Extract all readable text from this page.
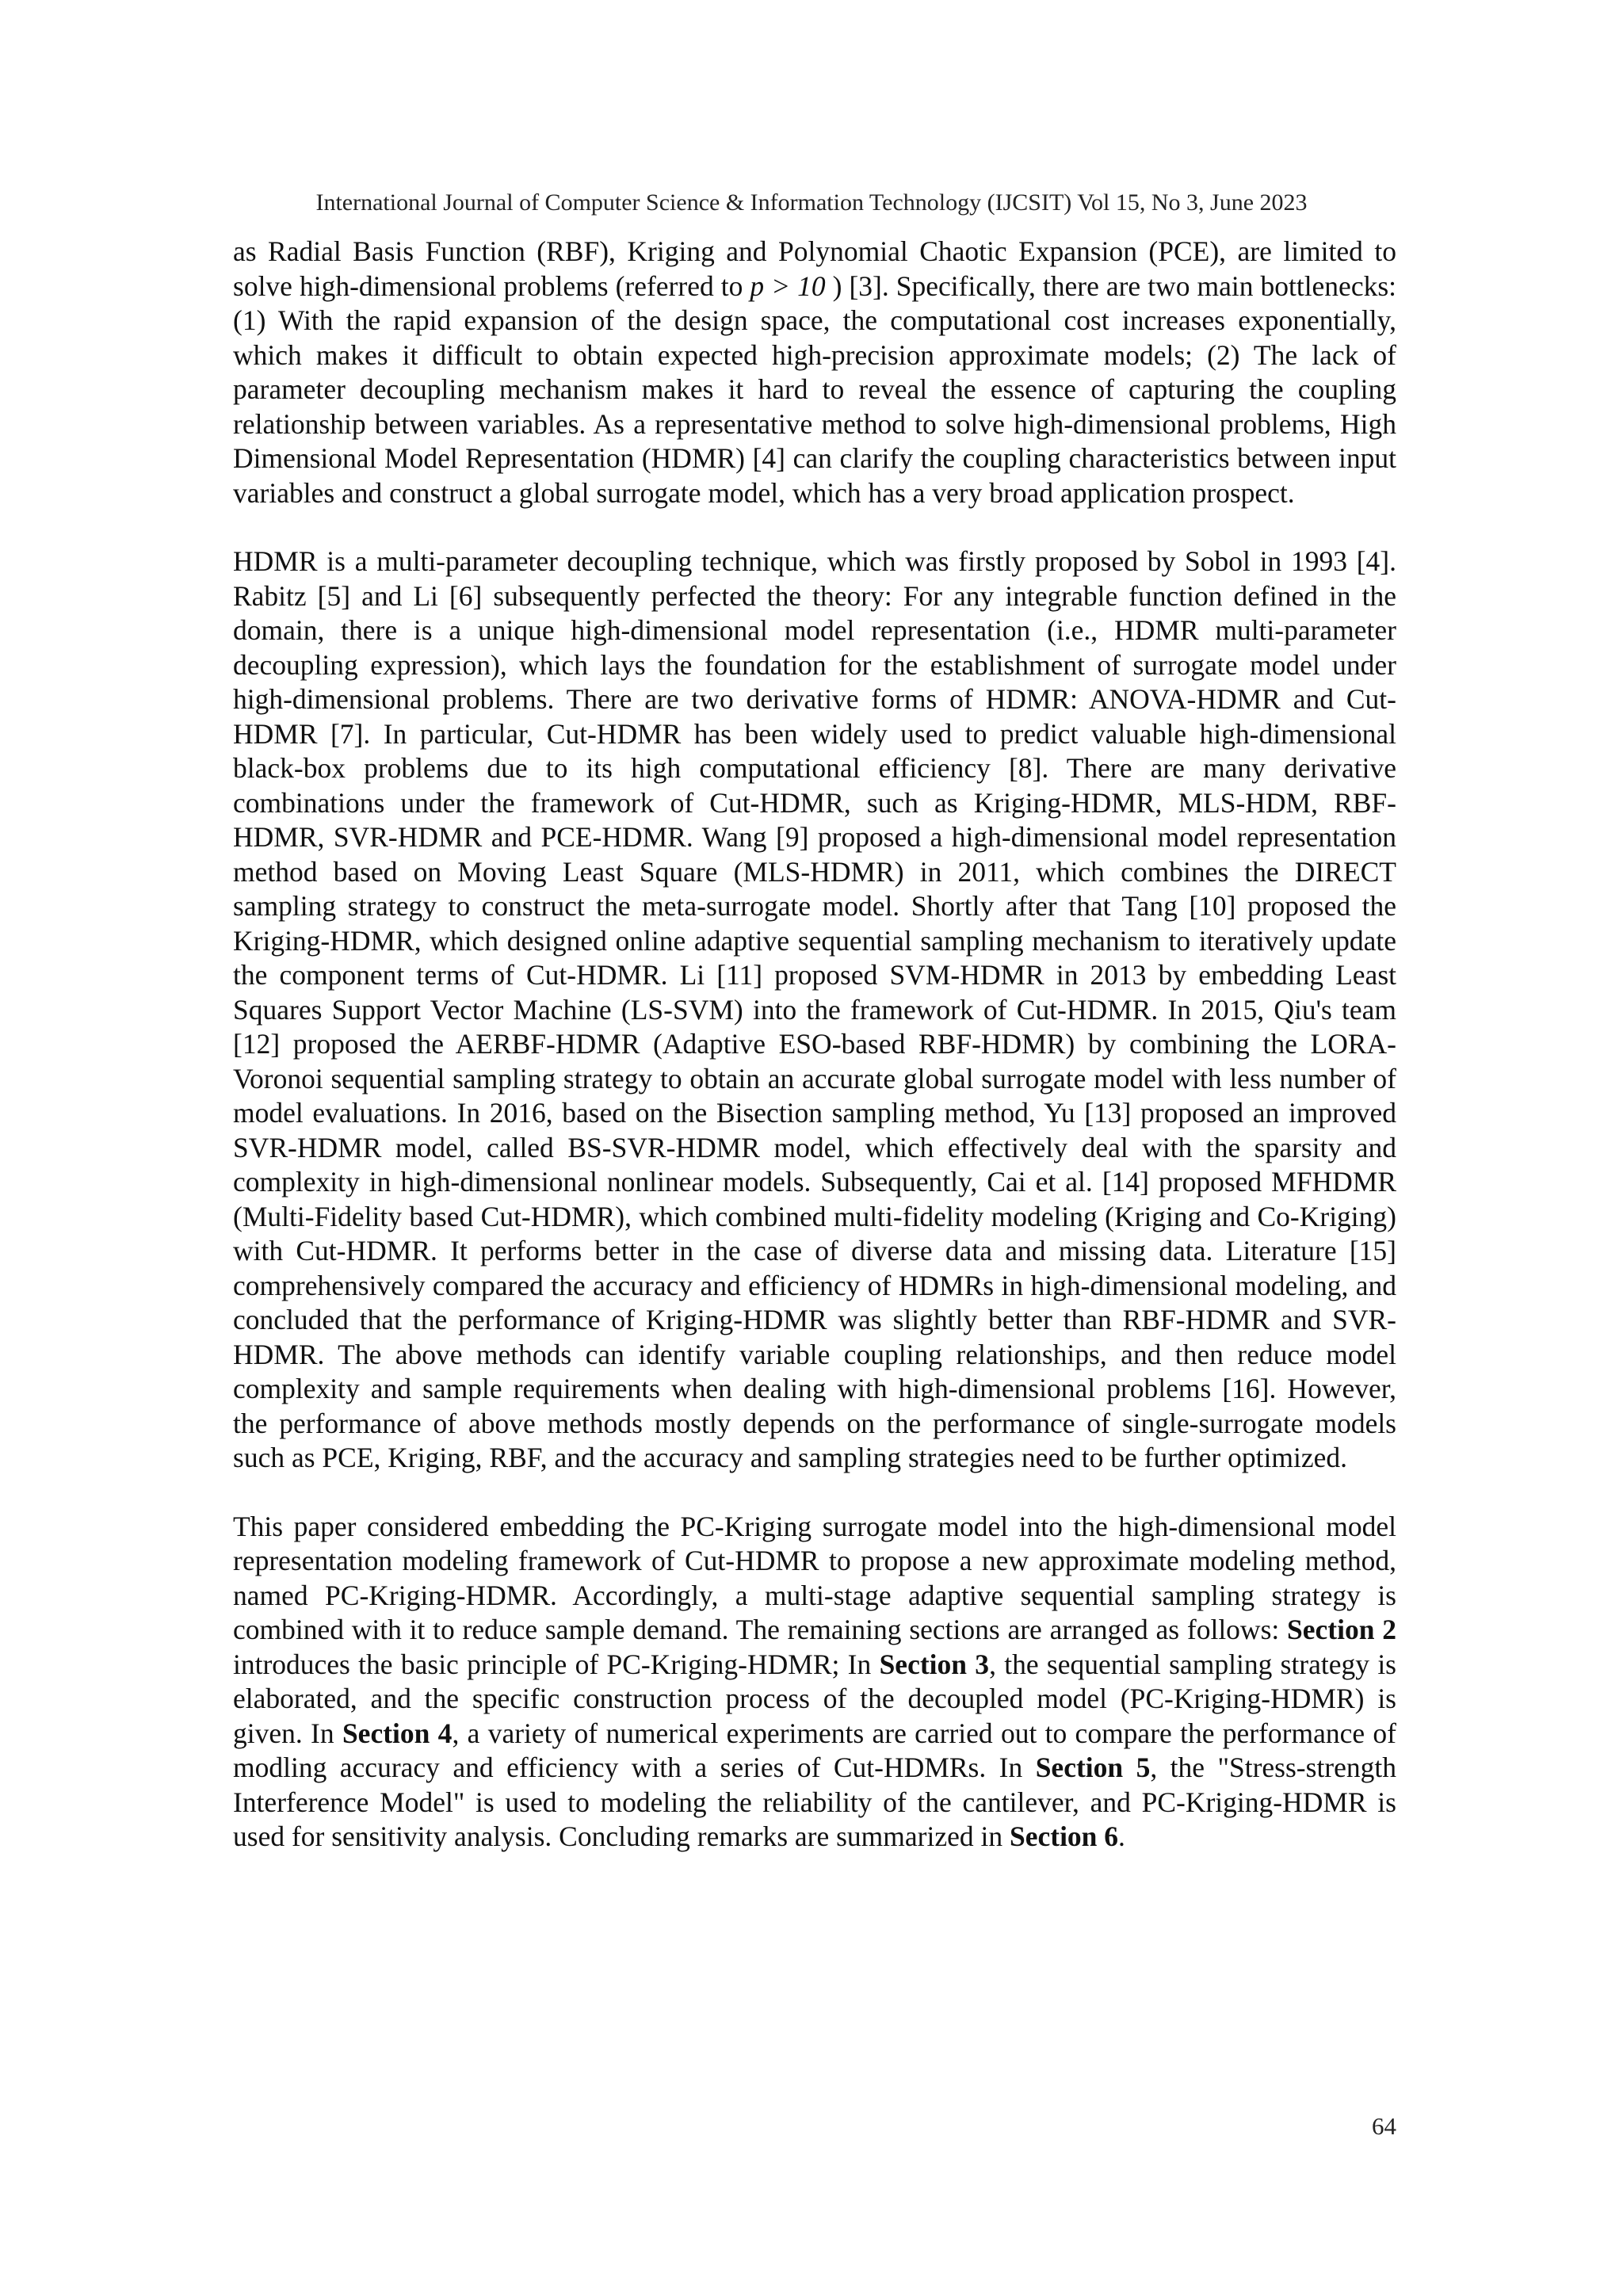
International Journal of Computer Science & Information Technology (IJCSIT) Vol 15, No 3, June 2023

as Radial Basis Function (RBF), Kriging and Polynomial Chaotic Expansion (PCE), are limited to solve high-dimensional problems (referred to p > 10 ) [3]. Specifically, there are two main bottlenecks: (1) With the rapid expansion of the design space, the computational cost increases exponentially, which makes it difficult to obtain expected high-precision approximate models; (2) The lack of parameter decoupling mechanism makes it hard to reveal the essence of capturing the coupling relationship between variables. As a representative method to solve high-dimensional problems, High Dimensional Model Representation (HDMR) [4] can clarify the coupling characteristics between input variables and construct a global surrogate model, which has a very broad application prospect.

HDMR is a multi-parameter decoupling technique, which was firstly proposed by Sobol in 1993 [4]. Rabitz [5] and Li [6] subsequently perfected the theory: For any integrable function defined in the domain, there is a unique high-dimensional model representation (i.e., HDMR multi-parameter decoupling expression), which lays the foundation for the establishment of surrogate model under high-dimensional problems. There are two derivative forms of HDMR: ANOVA-HDMR and Cut-HDMR [7]. In particular, Cut-HDMR has been widely used to predict valuable high-dimensional black-box problems due to its high computational efficiency [8]. There are many derivative combinations under the framework of Cut-HDMR, such as Kriging-HDMR, MLS-HDM, RBF-HDMR, SVR-HDMR and PCE-HDMR. Wang [9] proposed a high-dimensional model representation method based on Moving Least Square (MLS-HDMR) in 2011, which combines the DIRECT sampling strategy to construct the meta-surrogate model. Shortly after that Tang [10] proposed the Kriging-HDMR, which designed online adaptive sequential sampling mechanism to iteratively update the component terms of Cut-HDMR. Li [11] proposed SVM-HDMR in 2013 by embedding Least Squares Support Vector Machine (LS-SVM) into the framework of Cut-HDMR. In 2015, Qiu's team [12] proposed the AERBF-HDMR (Adaptive ESO-based RBF-HDMR) by combining the LORA-Voronoi sequential sampling strategy to obtain an accurate global surrogate model with less number of model evaluations. In 2016, based on the Bisection sampling method, Yu [13] proposed an improved SVR-HDMR model, called BS-SVR-HDMR model, which effectively deal with the sparsity and complexity in high-dimensional nonlinear models. Subsequently, Cai et al. [14] proposed MFHDMR (Multi-Fidelity based Cut-HDMR), which combined multi-fidelity modeling (Kriging and Co-Kriging) with Cut-HDMR. It performs better in the case of diverse data and missing data. Literature [15] comprehensively compared the accuracy and efficiency of HDMRs in high-dimensional modeling, and concluded that the performance of Kriging-HDMR was slightly better than RBF-HDMR and SVR-HDMR. The above methods can identify variable coupling relationships, and then reduce model complexity and sample requirements when dealing with high-dimensional problems [16]. However, the performance of above methods mostly depends on the performance of single-surrogate models such as PCE, Kriging, RBF, and the accuracy and sampling strategies need to be further optimized.

This paper considered embedding the PC-Kriging surrogate model into the high-dimensional model representation modeling framework of Cut-HDMR to propose a new approximate modeling method, named PC-Kriging-HDMR. Accordingly, a multi-stage adaptive sequential sampling strategy is combined with it to reduce sample demand. The remaining sections are arranged as follows: Section 2 introduces the basic principle of PC-Kriging-HDMR; In Section 3, the sequential sampling strategy is elaborated, and the specific construction process of the decoupled model (PC-Kriging-HDMR) is given. In Section 4, a variety of numerical experiments are carried out to compare the performance of modling accuracy and efficiency with a series of Cut-HDMRs. In Section 5, the "Stress-strength Interference Model" is used to modeling the reliability of the cantilever, and PC-Kriging-HDMR is used for sensitivity analysis. Concluding remarks are summarized in Section 6.

64
